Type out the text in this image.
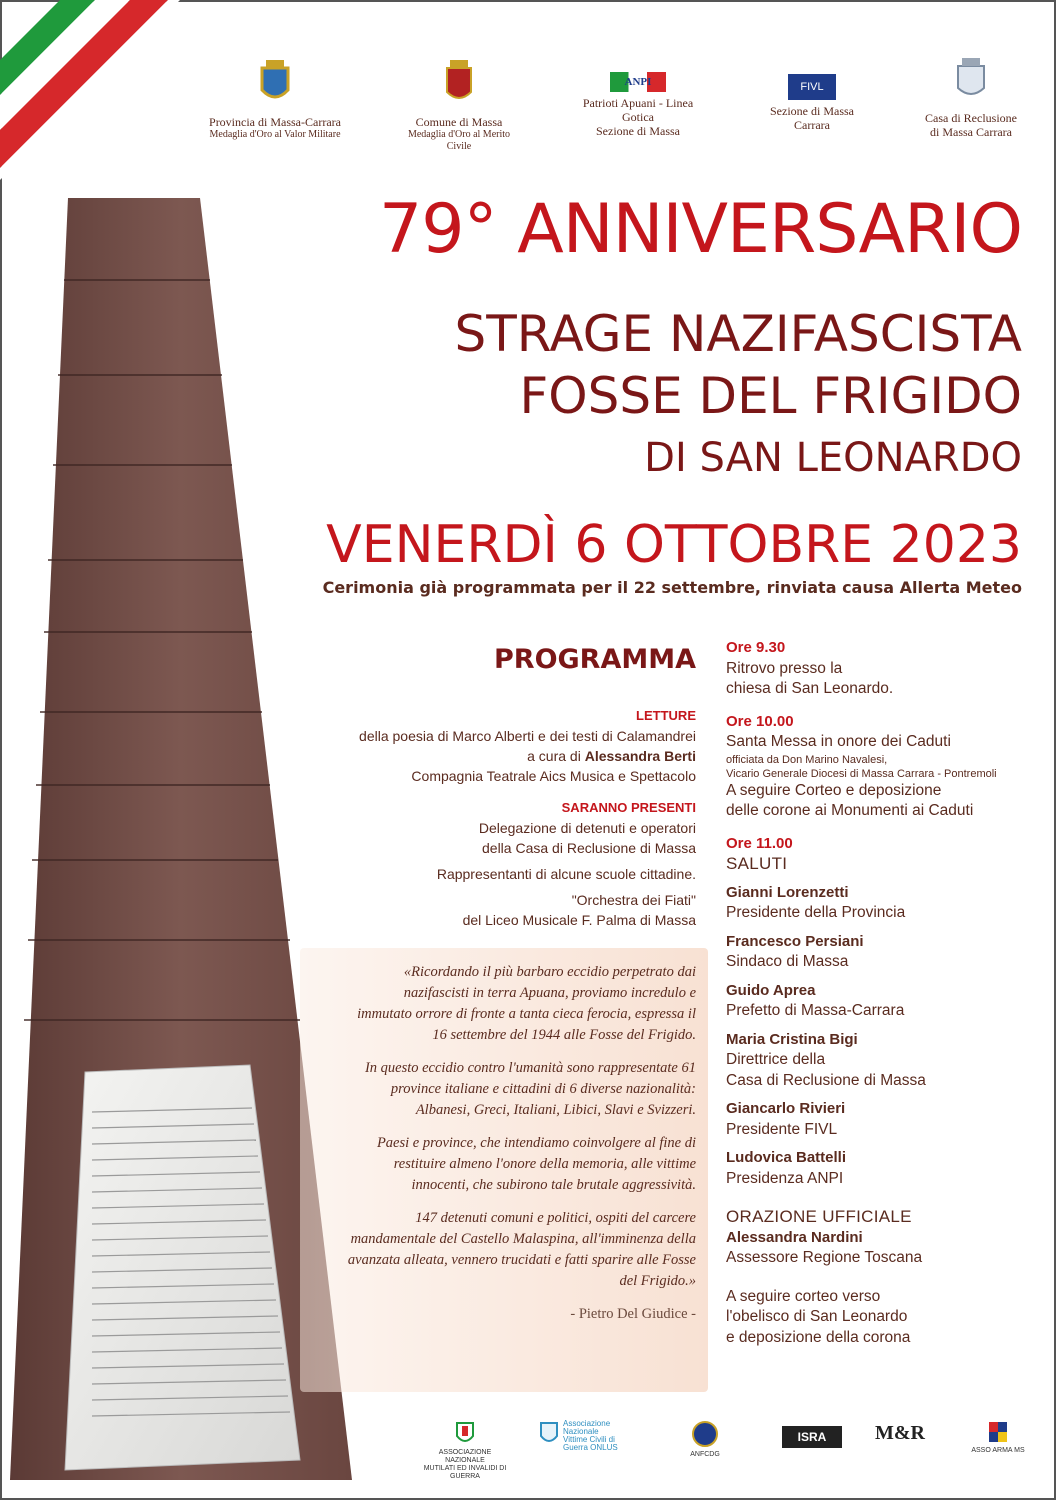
Provincia di Massa-Carrara
Medaglia d'Oro al Valor Militare
Comune di Massa
Medaglia d'Oro al Merito Civile
ANPI
Patrioti Apuani - Linea Gotica
Sezione di Massa
FIVL
Sezione di Massa Carrara	Casa di Reclusione
di Massa Carrara
79° ANNIVERSARIO
STRAGE NAZIFASCISTA
FOSSE DEL FRIGIDO
DI SAN LEONARDO
VENERDÌ 6 OTTOBRE 2023
Cerimonia già programmata per il 22 settembre, rinviata causa Allerta Meteo
PROGRAMMA
LETTURE
della poesia di Marco Alberti e dei testi di Calamandrei
a cura di Alessandra Berti
Compagnia Teatrale Aics Musica e Spettacolo
SARANNO PRESENTI
Delegazione di detenuti e operatori
della Casa di Reclusione di Massa
Rappresentanti di alcune scuole cittadine.
"Orchestra dei Fiati"
del Liceo Musicale F. Palma di Massa

«Ricordando il più barbaro eccidio perpetrato dai nazifascisti in terra Apuana, proviamo incredulo e immutato orrore di fronte a tanta cieca ferocia, espressa il 16 settembre del 1944 alle Fosse del Frigido.

In questo eccidio contro l'umanità sono rappresentate 61 province italiane e cittadini di 6 diverse nazionalità: Albanesi, Greci, Italiani, Libici, Slavi e Svizzeri.

Paesi e province, che intendiamo coinvolgere al fine di restituire almeno l'onore della memoria, alle vittime innocenti, che subirono tale brutale aggressività.

147 detenuti comuni e politici, ospiti del carcere mandamentale del Castello Malaspina, all'imminenza della avanzata alleata, vennero trucidati e fatti sparire alle Fosse del Frigido.»

- Pietro Del Giudice -
Ore 9.30
Ritrovo presso la
chiesa di San Leonardo.
Ore 10.00
Santa Messa in onore dei Caduti
officiata da Don Marino Navalesi,
Vicario Generale Diocesi di Massa Carrara - Pontremoli
A seguire Corteo e deposizione
delle corone ai Monumenti ai Caduti
Ore 11.00
SALUTI
Gianni Lorenzetti
Presidente della Provincia
Francesco Persiani
Sindaco di Massa
Guido Aprea
Prefetto di Massa-Carrara
Maria Cristina Bigi
Direttrice della
Casa di Reclusione di Massa
Giancarlo Rivieri
Presidente FIVL
Ludovica Battelli
Presidenza ANPI
ORAZIONE UFFICIALE
Alessandra Nardini
Assessore Regione Toscana
A seguire corteo verso
l'obelisco di San Leonardo
e deposizione della corona
ASSOCIAZIONE NAZIONALE
MUTILATI ED INVALIDI DI GUERRA
Associazione Nazionale
Vittime Civili di Guerra ONLUS
ANFCDG
ISRA	M&R
ASSO ARMA MS
